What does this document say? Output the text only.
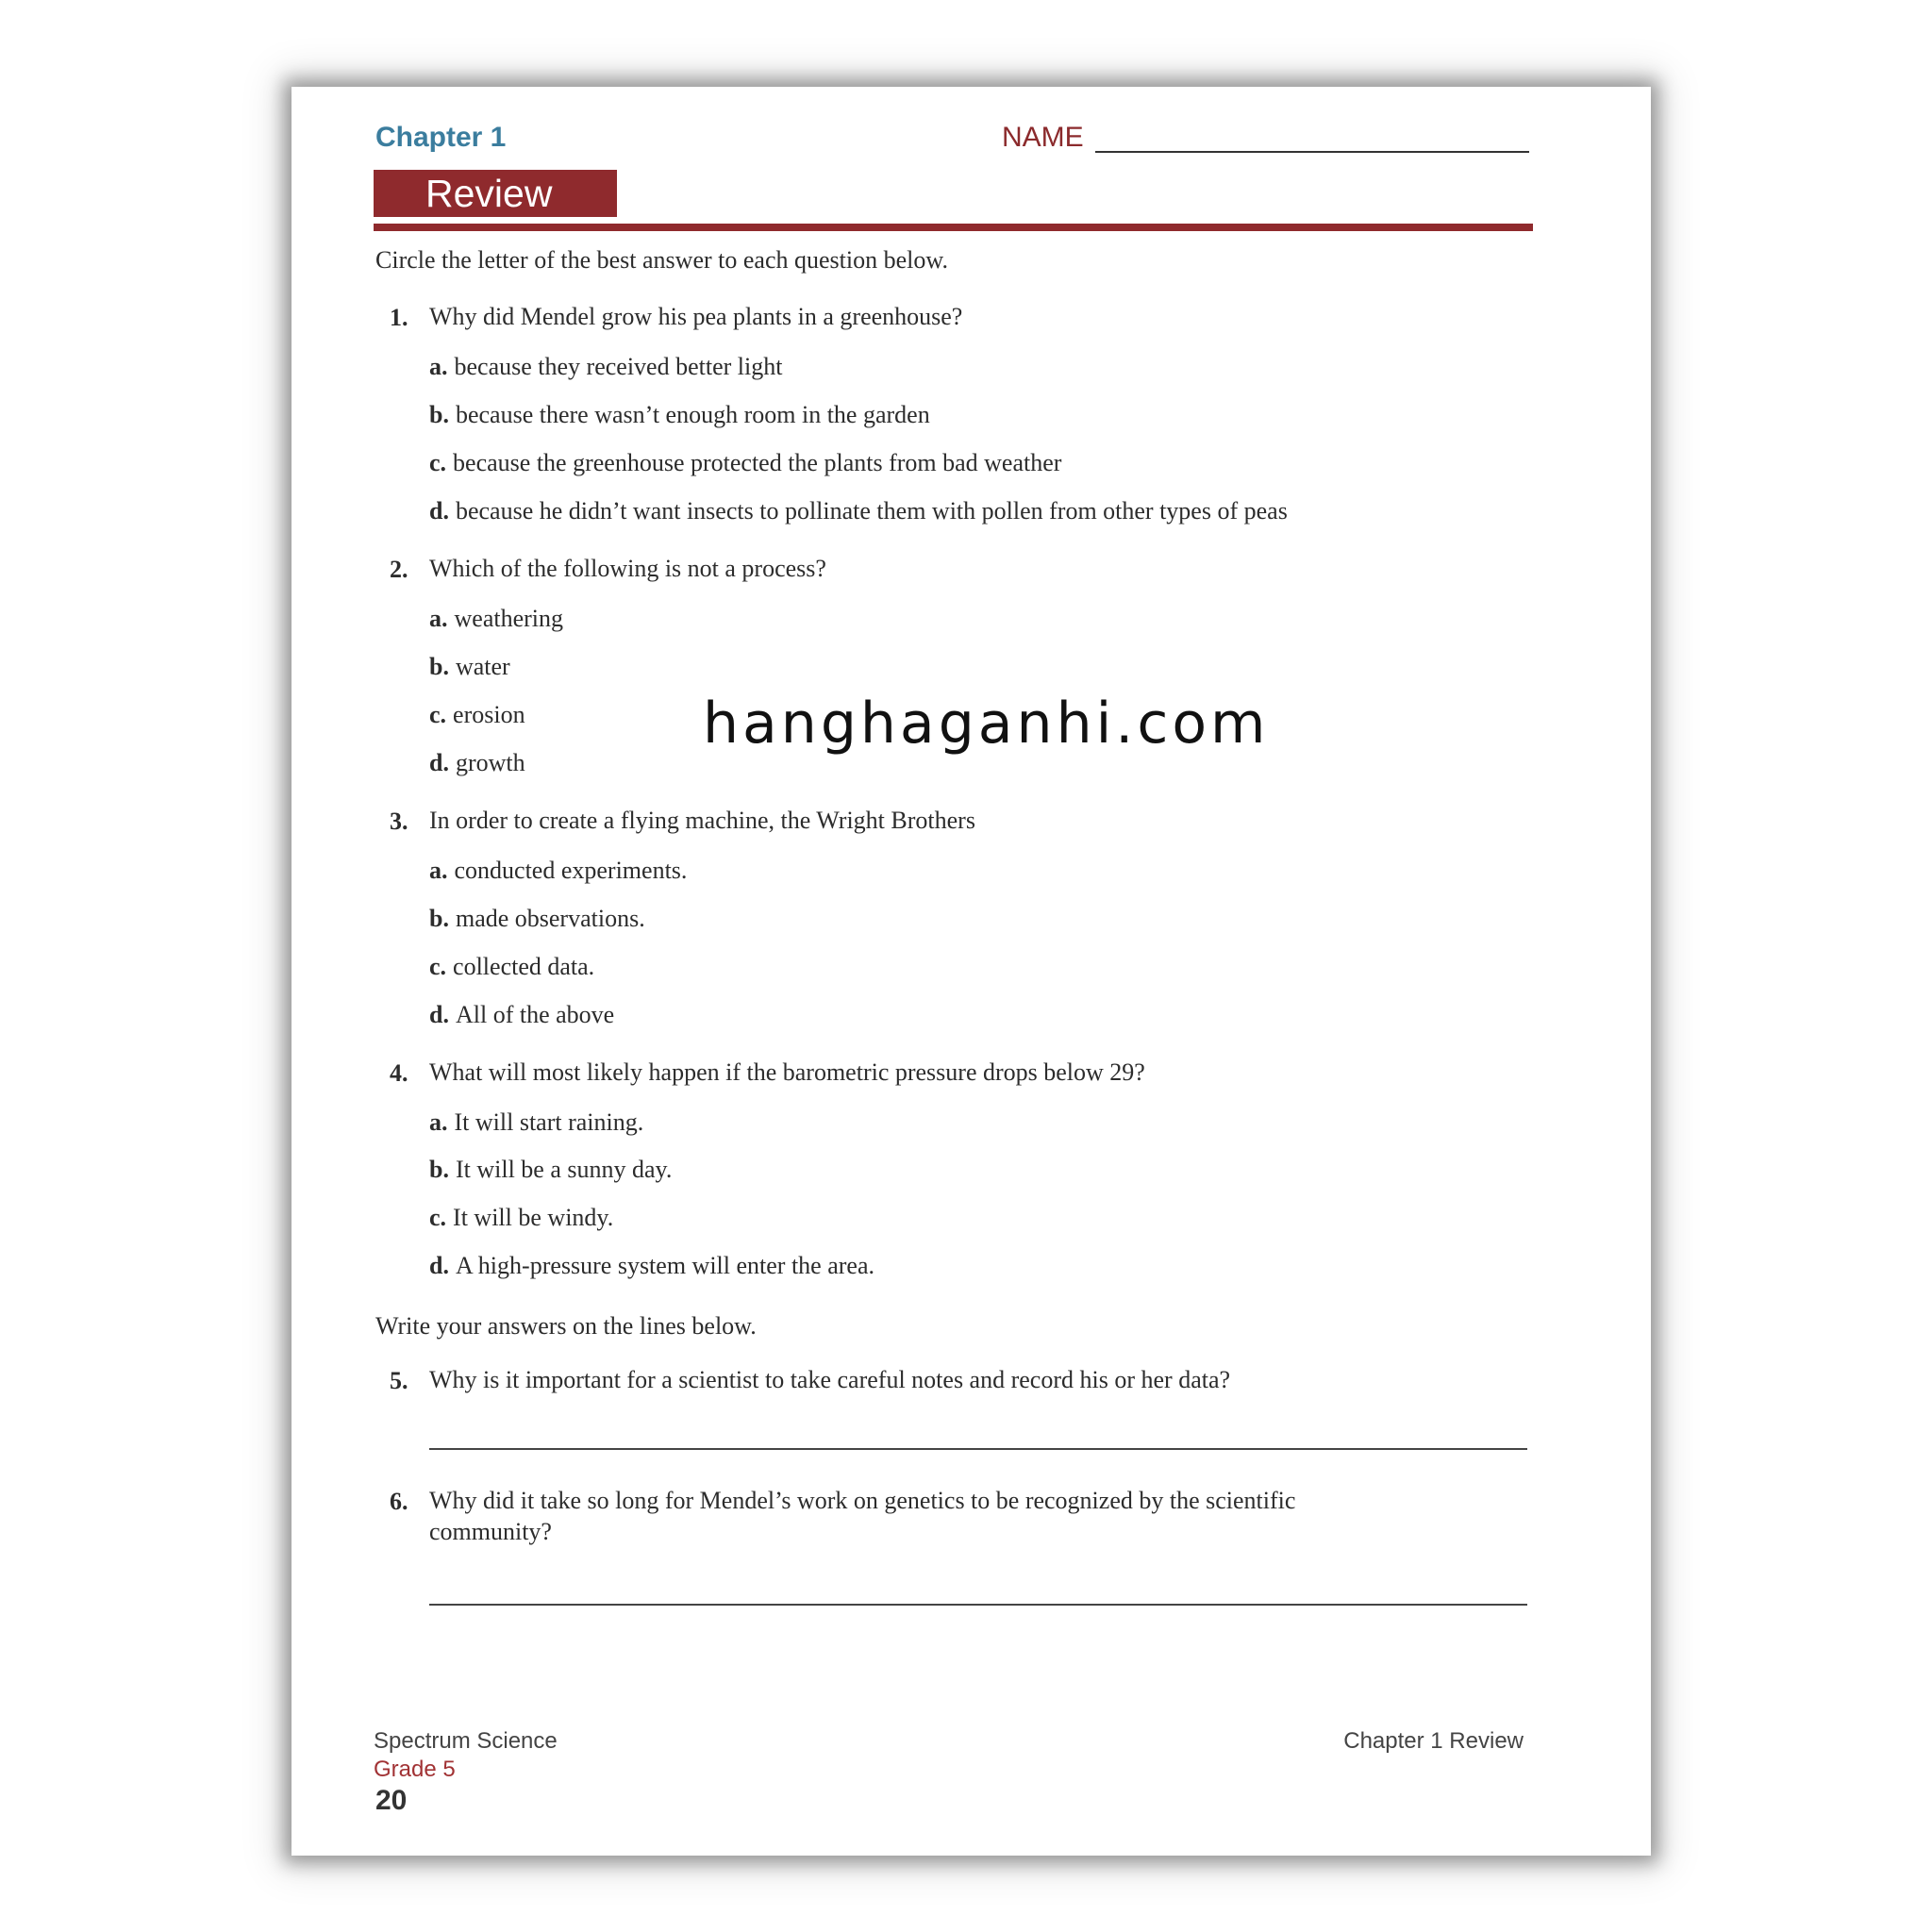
Chapter 1	NAME
Review

Circle the letter of the best answer to each question below.

1. Why did Mendel grow his pea plants in a greenhouse?
a. because they received better light
b. because there wasn’t enough room in the garden
c. because the greenhouse protected the plants from bad weather
d. because he didn’t want insects to pollinate them with pollen from other types of peas
2. Which of the following is not a process?
a. weathering
b. water
c. erosion
d. growth
3. In order to create a flying machine, the Wright Brothers
a. conducted experiments.
b. made observations.
c. collected data.
d. All of the above
4. What will most likely happen if the barometric pressure drops below 29?
a. It will start raining.
b. It will be a sunny day.
c. It will be windy.
d. A high-pressure system will enter the area.

Write your answers on the lines below.

5. Why is it important for a scientist to take careful notes and record his or her data?
6. Why did it take so long for Mendel’s work on genetics to be recognized by the scientific community?
hanghaganhi.com
Spectrum Science
Grade 5
20
Chapter 1 Review
